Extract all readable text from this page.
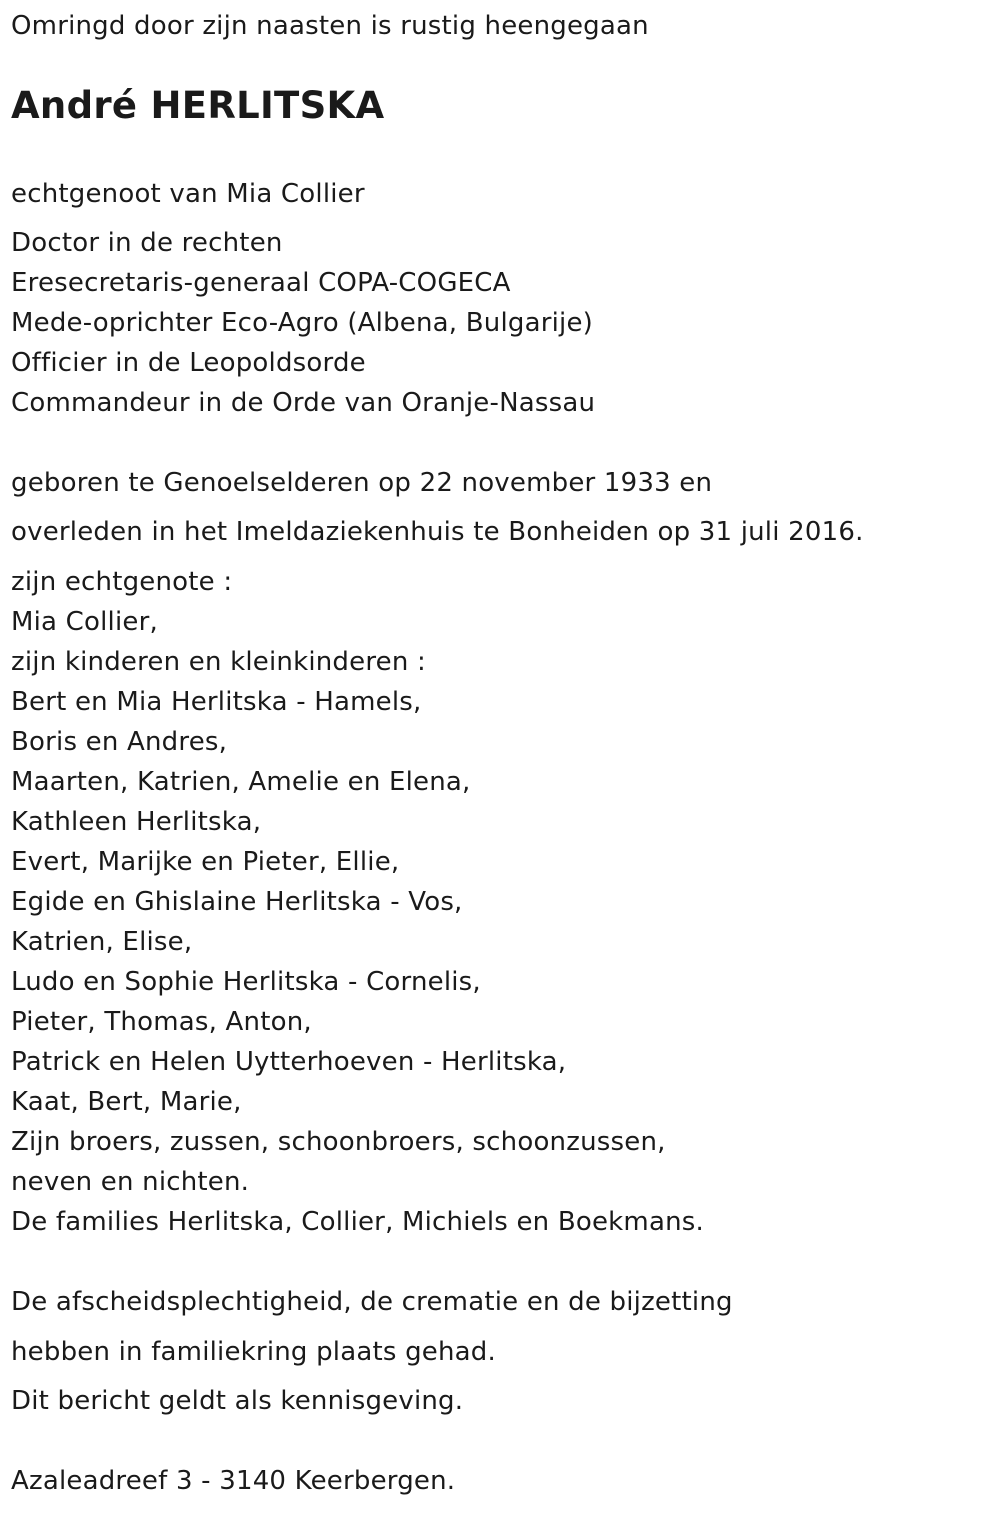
Omringd door zijn naasten is rustig heengegaan
André HERLITSKA
echtgenoot van Mia Collier
Doctor in de rechten
Eresecretaris-generaal COPA-COGECA
Mede-oprichter Eco-Agro (Albena, Bulgarije)
Officier in de Leopoldsorde
Commandeur in de Orde van Oranje-Nassau
geboren te Genoelselderen op 22 november 1933 en
overleden in het Imeldaziekenhuis te Bonheiden op 31 juli 2016.
zijn echtgenote :
Mia Collier,
zijn kinderen en kleinkinderen :
Bert en Mia Herlitska - Hamels,
Boris en Andres,
Maarten, Katrien, Amelie en Elena,
Kathleen Herlitska,
Evert, Marijke en Pieter, Ellie,
Egide en Ghislaine Herlitska - Vos,
Katrien, Elise,
Ludo en Sophie Herlitska - Cornelis,
Pieter, Thomas, Anton,
Patrick en Helen Uytterhoeven - Herlitska,
Kaat, Bert, Marie,
Zijn broers, zussen, schoonbroers, schoonzussen,
neven en nichten.
De families Herlitska, Collier, Michiels en Boekmans.
De afscheidsplechtigheid, de crematie en de bijzetting
hebben in familiekring plaats gehad.
Dit bericht geldt als kennisgeving.
Azaleadreef 3 - 3140 Keerbergen.
